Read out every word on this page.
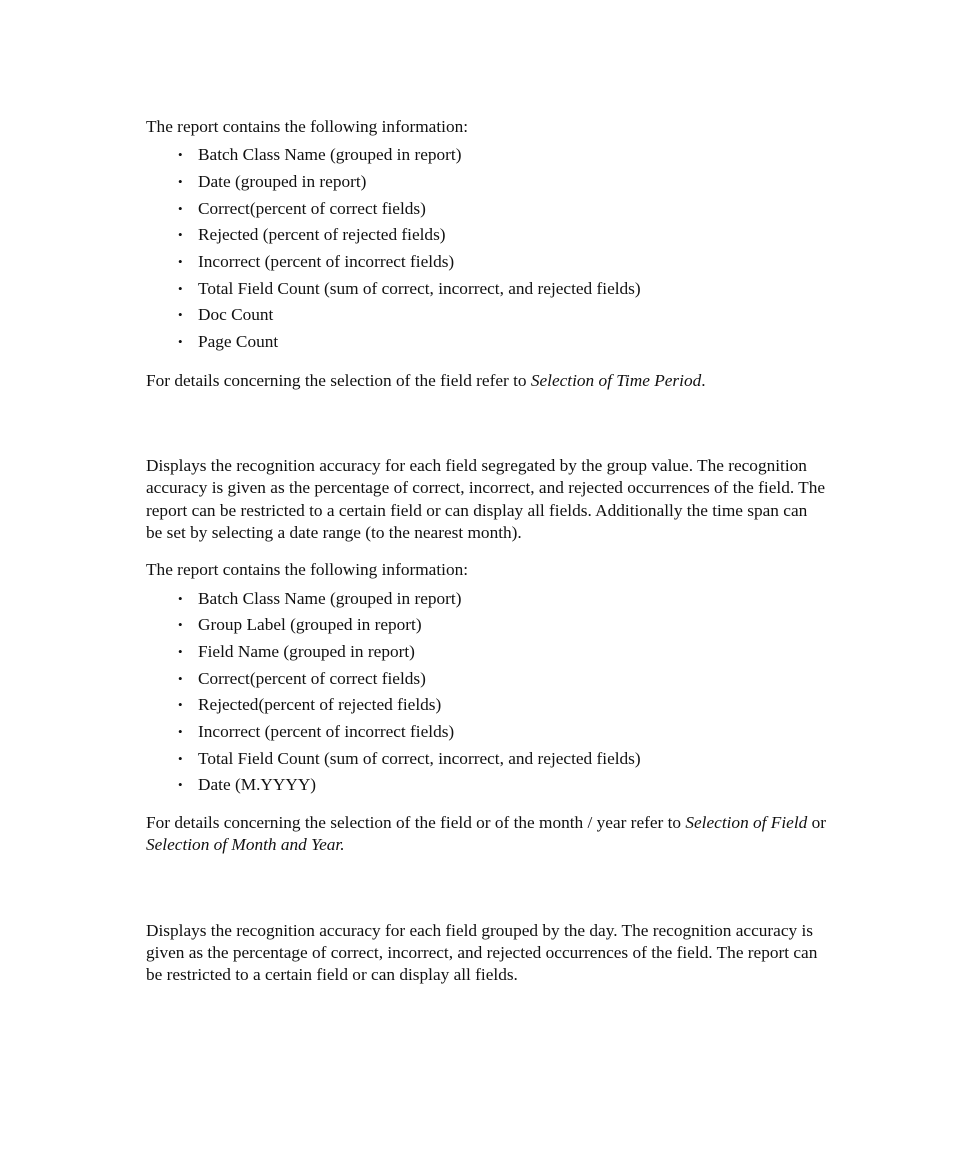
The report contains the following information:

• Batch Class Name (grouped in report)
• Date (grouped in report)
• Correct(percent of correct fields)
• Rejected (percent of rejected fields)
• Incorrect (percent of incorrect fields)
• Total Field Count (sum of correct, incorrect, and rejected fields)
• Doc Count
• Page Count

For details concerning the selection of the field refer to Selection of Time Period.

Displays the recognition accuracy for each field segregated by the group value. The recognition accuracy is given as the percentage of correct, incorrect, and rejected occurrences of the field. The report can be restricted to a certain field or can display all fields. Additionally the time span can be set by selecting a date range (to the nearest month).

The report contains the following information:

• Batch Class Name (grouped in report)
• Group Label (grouped in report)
• Field Name (grouped in report)
• Correct(percent of correct fields)
• Rejected(percent of rejected fields)
• Incorrect (percent of incorrect fields)
• Total Field Count (sum of correct, incorrect, and rejected fields)
• Date (M.YYYY)

For details concerning the selection of the field or of the month / year refer to Selection of Field or Selection of Month and Year.

Displays the recognition accuracy for each field grouped by the day. The recognition accuracy is given as the percentage of correct, incorrect, and rejected occurrences of the field. The report can be restricted to a certain field or can display all fields.
